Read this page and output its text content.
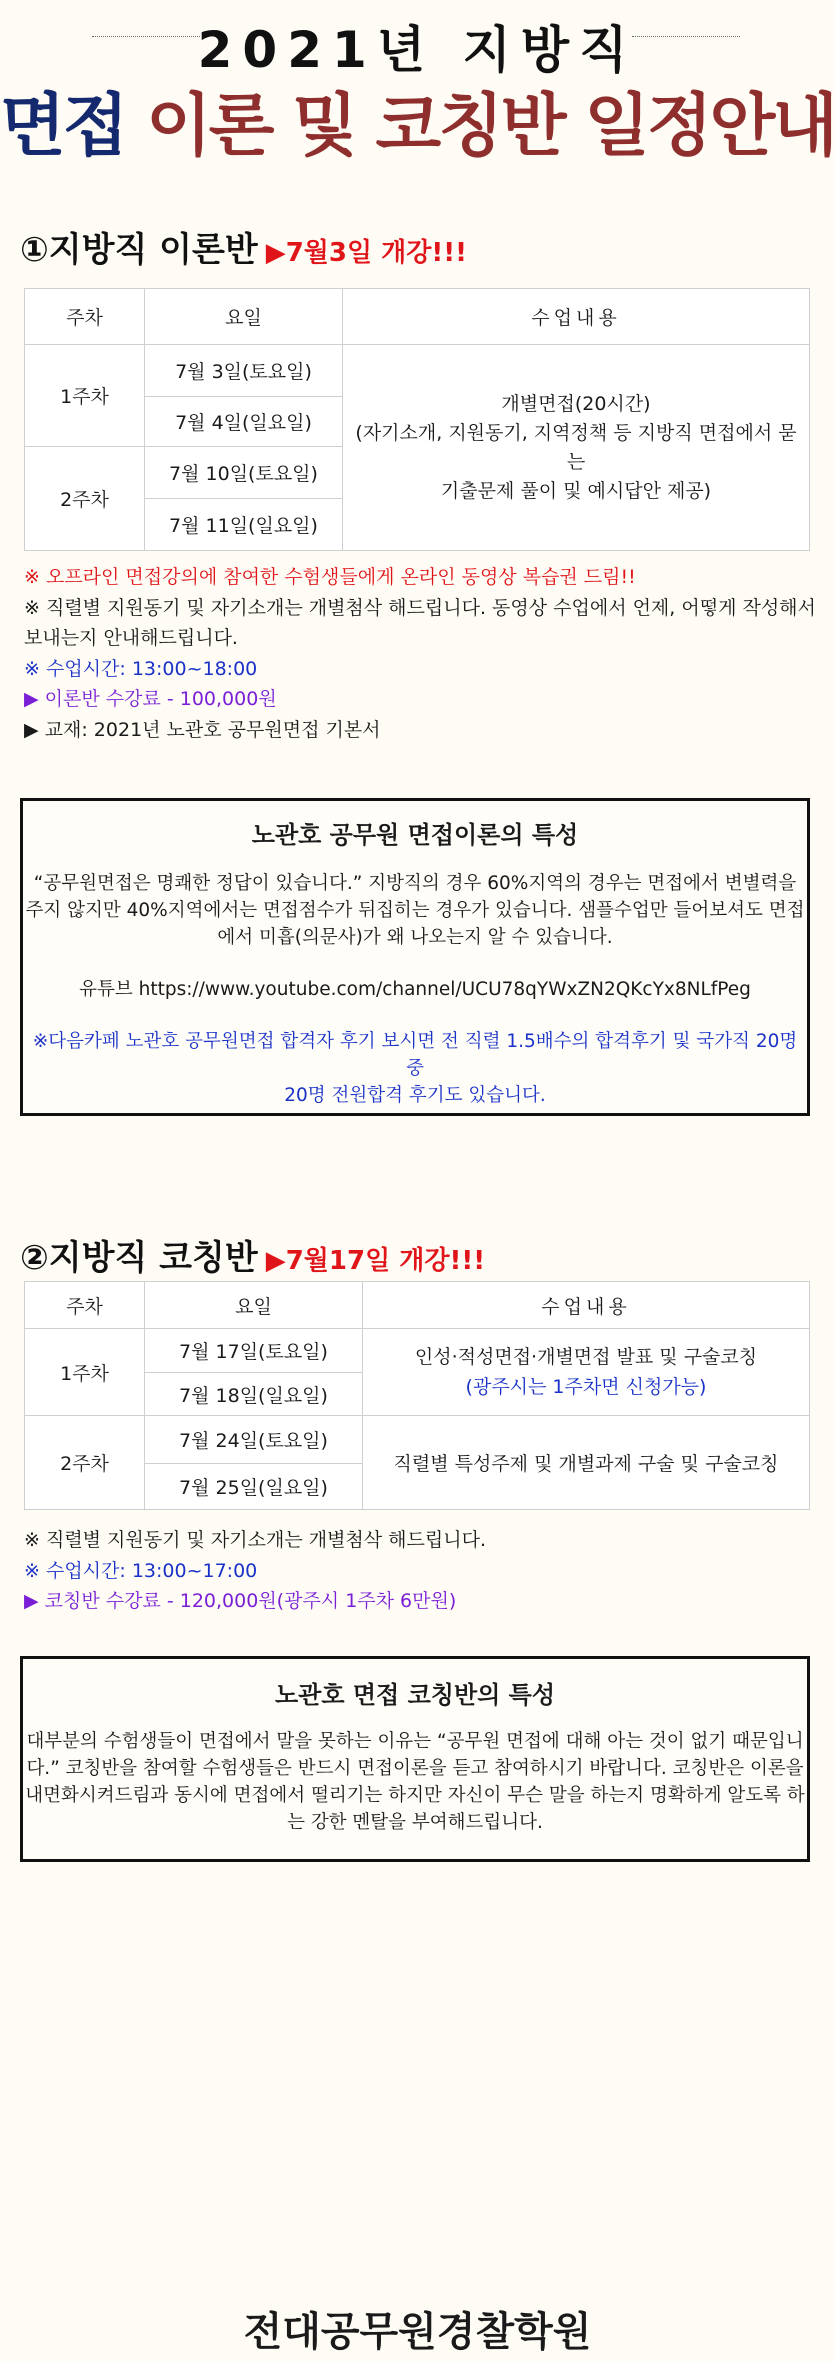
2021년 지방직
면접 이론 및 코칭반 일정안내
①지방직 이론반 ▶7월3일 개강!!!
주차	요일	수업내용
1주차	7월 3일(토요일)	개별면접(20시간)
(자기소개, 지원동기, 지역정책 등 지방직 면접에서 묻는
기출문제 풀이 및 예시답안 제공)

	7월 4일(일요일)	
2주차	7월 10일(토요일)	
	7월 11일(일요일)	
※ 오프라인 면접강의에 참여한 수험생들에게 온라인 동영상 복습권 드림!!
※ 직렬별 지원동기 및 자기소개는 개별첨삭 해드립니다. 동영상 수업에서 언제, 어떻게 작성해서
보내는지 안내해드립니다.
※ 수업시간: 13:00~18:00
▶ 이론반 수강료 - 100,000원
▶ 교재: 2021년 노관호 공무원면접 기본서
노관호 공무원 면접이론의 특성

“공무원면접은 명쾌한 정답이 있습니다.” 지방직의 경우 60%지역의 경우는 면접에서 변별력을

주지 않지만 40%지역에서는 면접점수가 뒤집히는 경우가 있습니다. 샘플수업만 들어보셔도 면접

에서 미흡(의문사)가 왜 나오는지 알 수 있습니다.

유튜브 https://www.youtube.com/channel/UCU78qYWxZN2QKcYx8NLfPeg

※다음카페 노관호 공무원면접 합격자 후기 보시면 전 직렬 1.5배수의 합격후기 및 국가직 20명 중

20명 전원합격 후기도 있습니다.

②지방직 코칭반 ▶7월17일 개강!!!
주차	요일	수업내용
1주차	7월 17일(토요일)	인성·적성면접·개별면접 발표 및 구술코칭
(광주시는 1주차면 신청가능)

	7월 18일(일요일)	
2주차	7월 24일(토요일)	직렬별 특성주제 및 개별과제 구술 및 구술코칭
	7월 25일(일요일)	
※ 직렬별 지원동기 및 자기소개는 개별첨삭 해드립니다.
※ 수업시간: 13:00~17:00
▶ 코칭반 수강료 - 120,000원(광주시 1주차 6만원)
노관호 면접 코칭반의 특성

대부분의 수험생들이 면접에서 말을 못하는 이유는 “공무원 면접에 대해 아는 것이 없기 때문입니

다.” 코칭반을 참여할 수험생들은 반드시 면접이론을 듣고 참여하시기 바랍니다. 코칭반은 이론을

내면화시켜드림과 동시에 면접에서 떨리기는 하지만 자신이 무슨 말을 하는지 명확하게 알도록 하

는 강한 멘탈을 부여해드립니다.

전대공무원경찰학원
